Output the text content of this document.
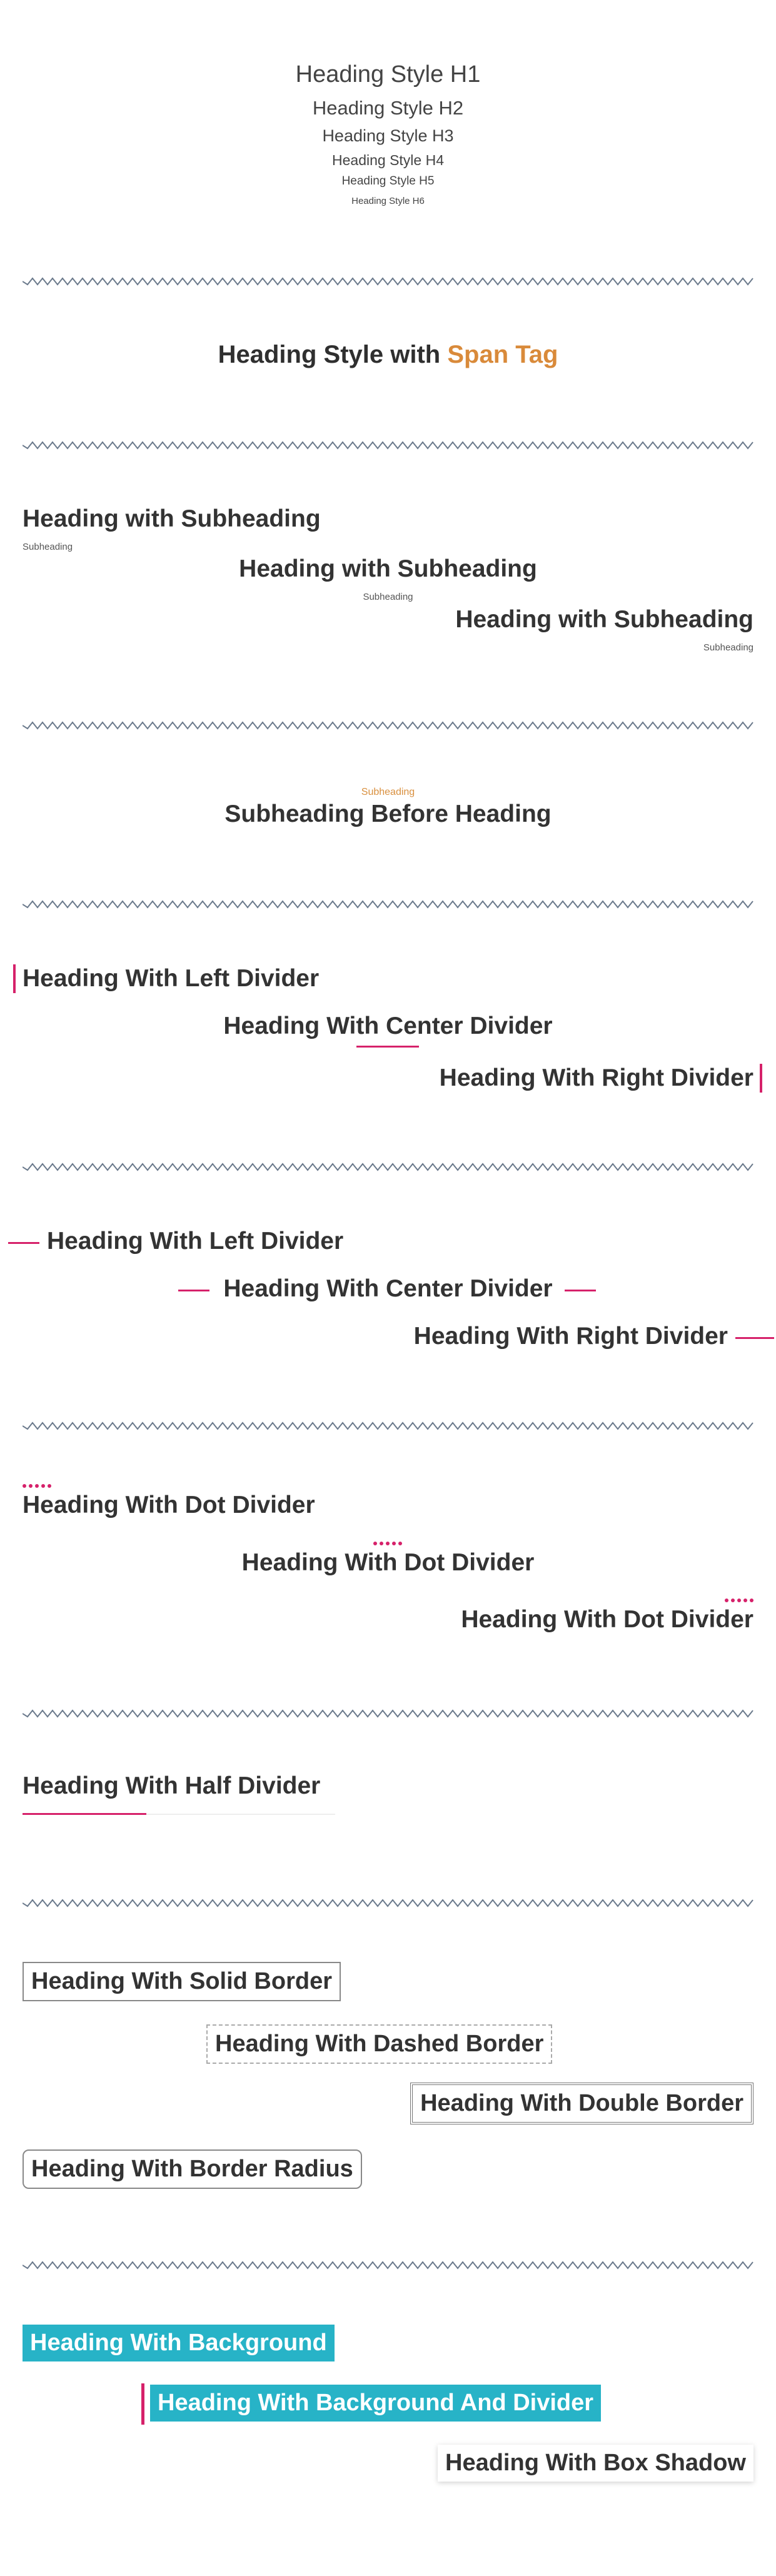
Heading Style H1
Heading Style H2
Heading Style H3
Heading Style H4
Heading Style H5
Heading Style H6
Heading Style with Span Tag
Heading with Subheading
Subheading
Heading with Subheading
Subheading
Heading with Subheading
Subheading
Subheading
Subheading Before Heading
Heading With Left Divider
Heading With Center Divider
Heading With Right Divider
Heading With Left Divider
Heading With Center Divider
Heading With Right Divider
Heading With Dot Divider
Heading With Dot Divider
Heading With Dot Divider
Heading With Half Divider
Heading With Solid Border
Heading With Dashed Border
Heading With Double Border
Heading With Border Radius
Heading With Background
Heading With Background And Divider
Heading With Box Shadow
